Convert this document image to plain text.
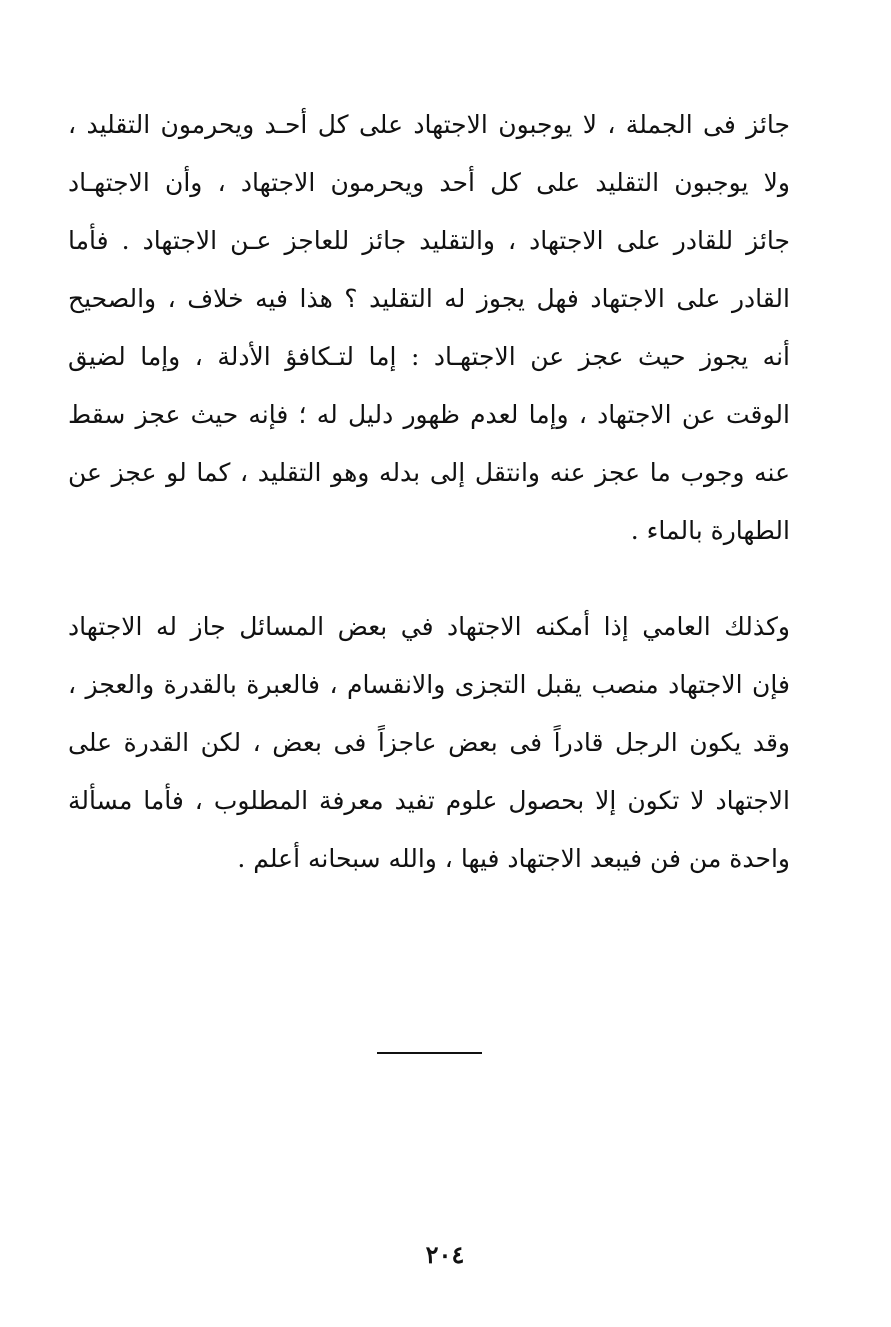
جائز فى الجملة ، لا يوجبون الاجتهاد على كل أحـد ويحرمون التقليد ،
ولا يوجبون التقليد على كل أحد ويحرمون الاجتهاد ، وأن الاجتهـاد
جائز للقادر على الاجتهاد ، والتقليد جائز للعاجز عـن الاجتهاد . فأما
القادر على الاجتهاد فهل يجوز له التقليد ؟ هذا فيه خلاف ، والصحيح
أنه يجوز حيث عجز عن الاجتهـاد : إما لتـكافؤ الأدلة ، وإما لضيق
الوقت عن الاجتهاد ، وإما لعدم ظهور دليل له ؛ فإنه حيث عجز سقط
عنه وجوب ما عجز عنه وانتقل إلى بدله وهو التقليد ، كما لو عجز عن
الطهارة بالماء .
وكذلك العامي إذا أمكنه الاجتهاد في بعض المسائل جاز له الاجتهاد
فإن الاجتهاد منصب يقبل التجزى والانقسام ، فالعبرة بالقدرة والعجز ،
وقد يكون الرجل قادراً فى بعض عاجزاً فى بعض ، لكن القدرة على
الاجتهاد لا تكون إلا بحصول علوم تفيد معرفة المطلوب ، فأما مسألة
واحدة من فن فيبعد الاجتهاد فيها ، والله سبحانه أعلم .
٢٠٤
